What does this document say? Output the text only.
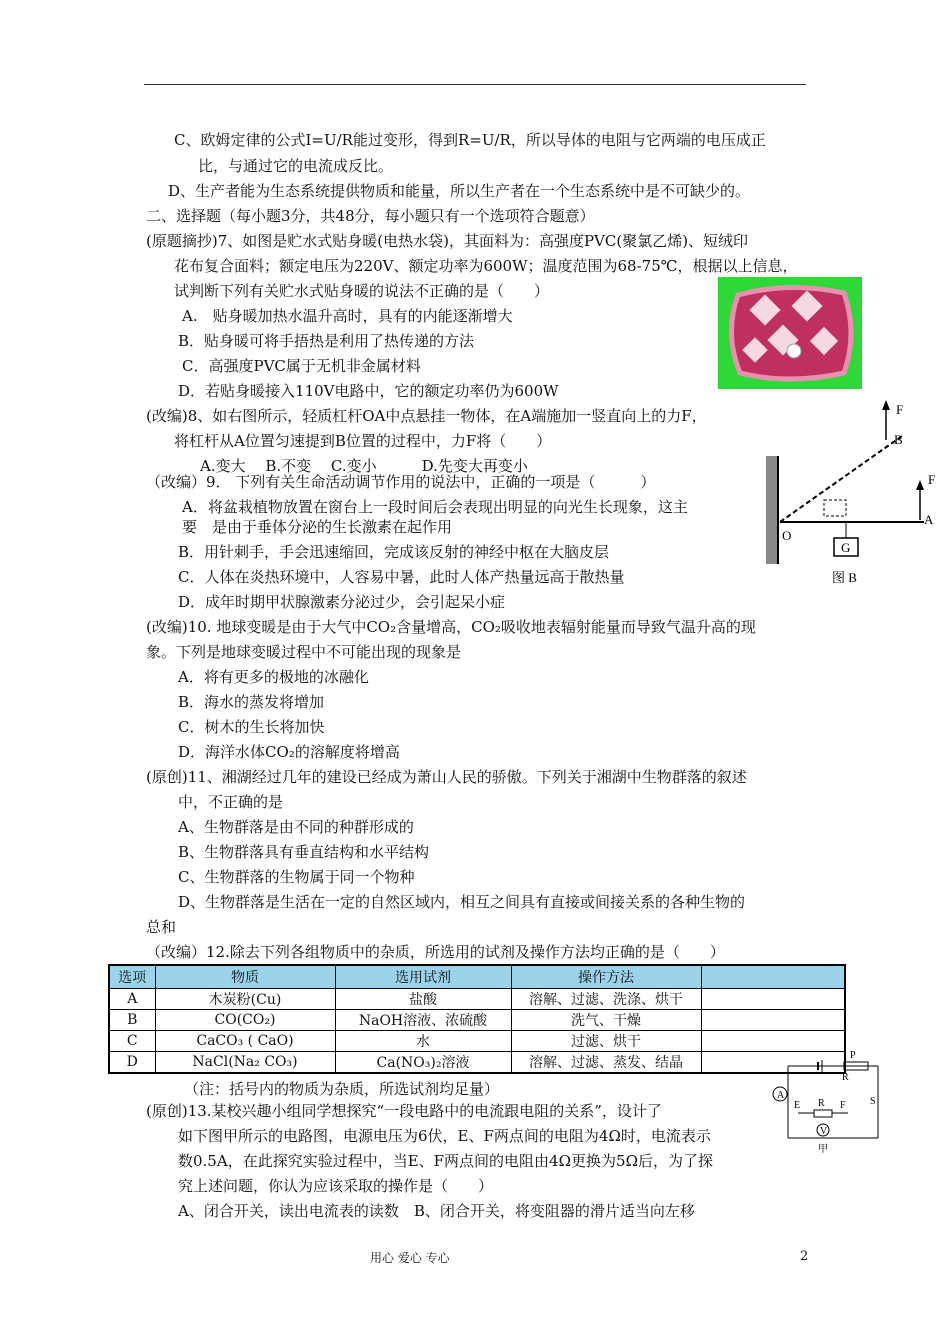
C、欧姆定律的公式I=U/R能过变形，得到R=U/R，所以导体的电阻与它两端的电压成正
比，与通过它的电流成反比。
D、生产者能为生态系统提供物质和能量，所以生产者在一个生态系统中是不可缺少的。
二、选择题（每小题3分，共48分，每小题只有一个选项符合题意）
(原题摘抄)7、如图是贮水式贴身暖(电热水袋)，其面料为：高强度PVC(聚氯乙烯)、短绒印
花布复合面料；额定电压为220V、额定功率为600W；温度范围为68-75℃，根据以上信息，
试判断下列有关贮水式贴身暖的说法不正确的是（　　）
A.　贴身暖加热水温升高时，具有的内能逐渐增大
B．贴身暖可将手捂热是利用了热传递的方法
C．高强度PVC属于无机非金属材料
D．若贴身暖接入110V电路中，它的额定功率仍为600W
(改编)8、如右图所示，轻质杠杆OA中点悬挂一物体，在A端施加一竖直向上的力F，
将杠杆从A位置匀速提到B位置的过程中，力F将（　　）
A.变大　 B.不变　 C.变小　　　D.先变大再变小
（改编）9． 下列有关生命活动调节作用的说法中，正确的一项是（　　　）
A．将盆栽植物放置在窗台上一段时间后会表现出明显的向光生长现象，这主
要　是由于垂体分泌的生长激素在起作用
B．用针刺手，手会迅速缩回，完成该反射的神经中枢在大脑皮层
C．人体在炎热环境中，人容易中暑，此时人体产热量远高于散热量
D．成年时期甲状腺激素分泌过少，会引起呆小症
(改编)10. 地球变暖是由于大气中CO₂含量增高，CO₂吸收地表辐射能量而导致气温升高的现
象。下列是地球变暖过程中不可能出现的现象是
A．将有更多的极地的冰融化
B．海水的蒸发将增加
C．树木的生长将加快
D．海洋水体CO₂的溶解度将增高
(原创)11、湘湖经过几年的建设已经成为萧山人民的骄傲。下列关于湘湖中生物群落的叙述
中，不正确的是
A、生物群落是由不同的种群形成的
B、生物群落具有垂直结构和水平结构
C、生物群落的生物属于同一个物种
D、生物群落是生活在一定的自然区域内，相互之间具有直接或间接关系的各种生物的
总和
（改编）12.除去下列各组物质中的杂质，所选用的试剂及操作方法均正确的是（　　）
（注：括号内的物质为杂质，所选试剂均足量）
(原创)13.某校兴趣小组同学想探究“一段电路中的电流跟电阻的关系”，设计了
如下图甲所示的电路图，电源电压为6伏，E、F两点间的电阻为4Ω时，电流表示
数0.5A，在此探究实验过程中，当E、F两点间的电阻由4Ω更换为5Ω后，为了探
究上述问题，你认为应该采取的操作是（　　）
A、闭合开关，读出电流表的读数　B、闭合开关，将变阻器的滑片适当向左移
F
F
B
A
O
G
图 B
P
R
E R F S
A
V
甲
选项	物质	选用试剂	操作方法	
A	木炭粉(Cu)	盐酸	溶解、过滤、洗涤、烘干	
B	CO(CO₂)	NaOH溶液、浓硫酸	洗气、干燥	
C	CaCO₃ ( CaO)	水	过滤、烘干	
D	NaCl(Na₂ CO₃)	Ca(NO₃)₂溶液	溶解、过滤、蒸发、结晶	
用心 爱心 专心	2
